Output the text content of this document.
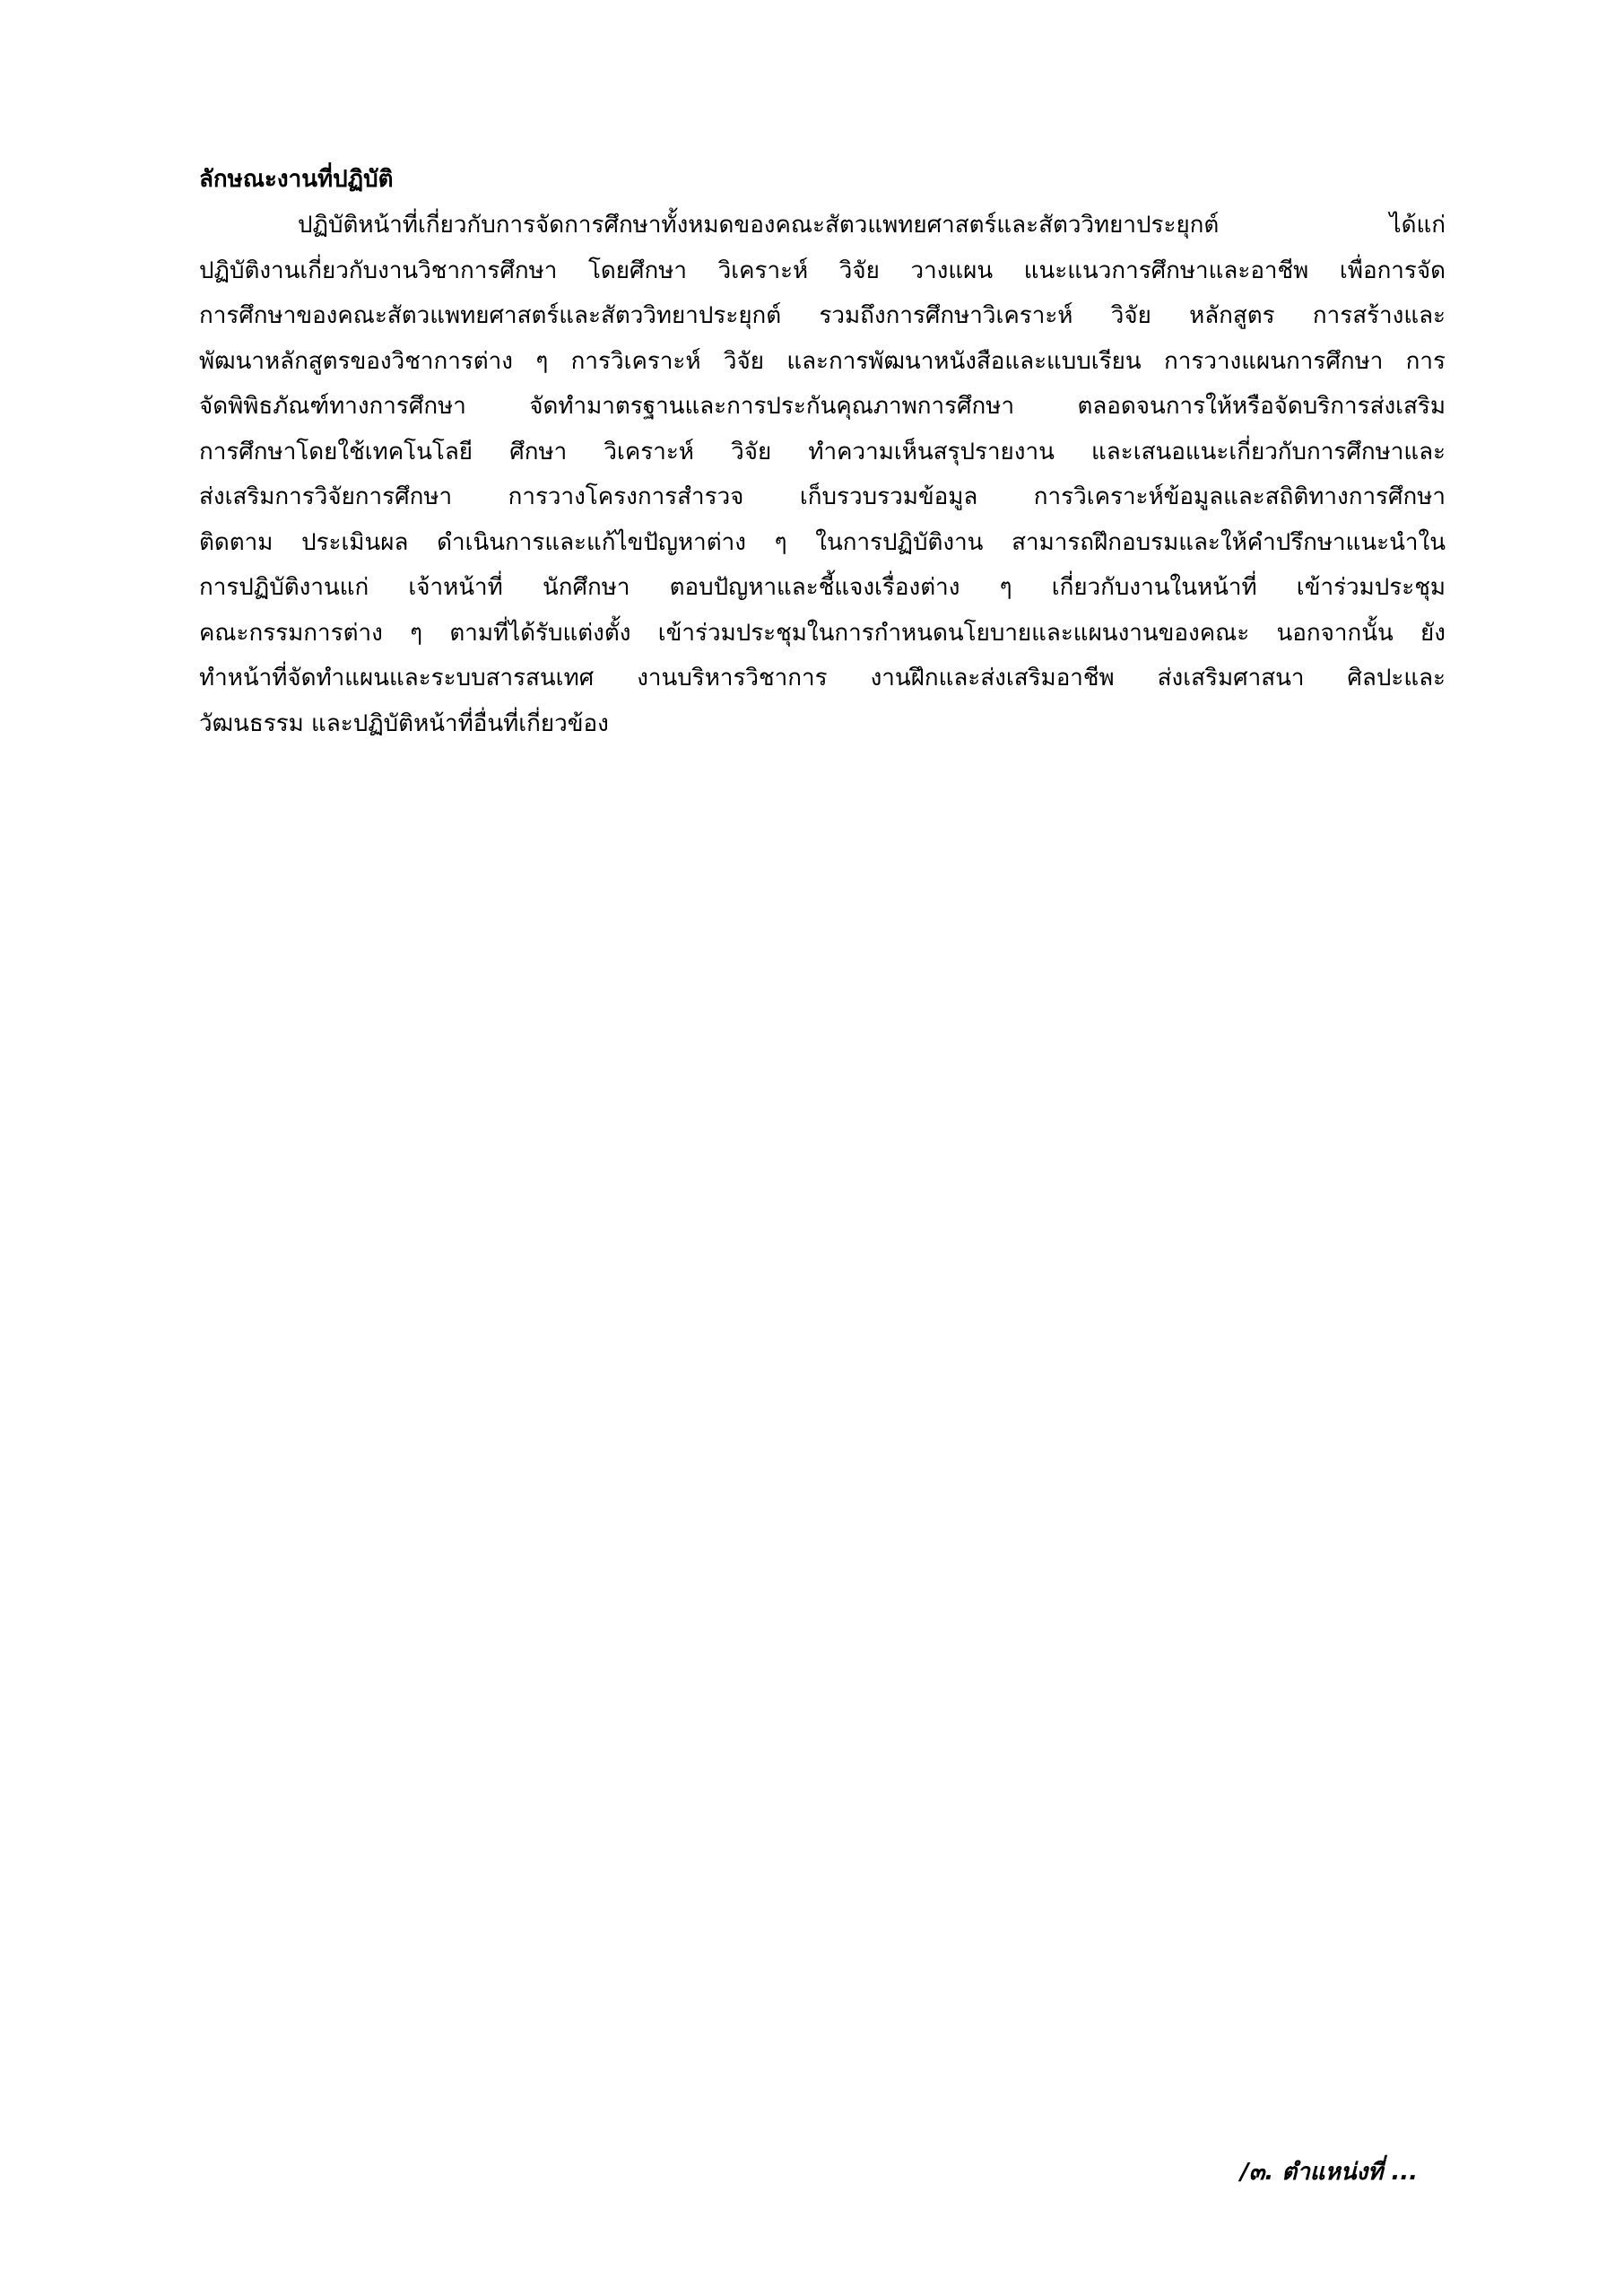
ลักษณะงานที่ปฏิบัติ
ปฏิบัติหน้าที่เกี่ยวกับการจัดการศึกษาทั้งหมดของคณะสัตวแพทยศาสตร์และสัตววิทยาประยุกต์ ได้แก่
ปฏิบัติงานเกี่ยวกับงานวิชาการศึกษา โดยศึกษา วิเคราะห์ วิจัย วางแผน แนะแนวการศึกษาและอาชีพ เพื่อการจัด
การศึกษาของคณะสัตวแพทยศาสตร์และสัตววิทยาประยุกต์ รวมถึงการศึกษาวิเคราะห์ วิจัย หลักสูตร การสร้างและ
พัฒนาหลักสูตรของวิชาการต่าง ๆ การวิเคราะห์ วิจัย และการพัฒนาหนังสือและแบบเรียน การวางแผนการศึกษา การ
จัดพิพิธภัณฑ์ทางการศึกษา จัดทำมาตรฐานและการประกันคุณภาพการศึกษา ตลอดจนการให้หรือจัดบริการส่งเสริม
การศึกษาโดยใช้เทคโนโลยี ศึกษา วิเคราะห์ วิจัย ทำความเห็นสรุปรายงาน และเสนอแนะเกี่ยวกับการศึกษาและ
ส่งเสริมการวิจัยการศึกษา การวางโครงการสำรวจ เก็บรวบรวมข้อมูล การวิเคราะห์ข้อมูลและสถิติทางการศึกษา
ติดตาม ประเมินผล ดำเนินการและแก้ไขปัญหาต่าง ๆ ในการปฏิบัติงาน สามารถฝึกอบรมและให้คำปรึกษาแนะนำใน
การปฏิบัติงานแก่ เจ้าหน้าที่ นักศึกษา ตอบปัญหาและชี้แจงเรื่องต่าง ๆ เกี่ยวกับงานในหน้าที่ เข้าร่วมประชุม
คณะกรรมการต่าง ๆ ตามที่ได้รับแต่งตั้ง เข้าร่วมประชุมในการกำหนดนโยบายและแผนงานของคณะ นอกจากนั้น ยัง
ทำหน้าที่จัดทำแผนและระบบสารสนเทศ งานบริหารวิชาการ งานฝึกและส่งเสริมอาชีพ ส่งเสริมศาสนา ศิลปะและ
วัฒนธรรม และปฏิบัติหน้าที่อื่นที่เกี่ยวข้อง
/๓. ตำแหน่งที่ ...
